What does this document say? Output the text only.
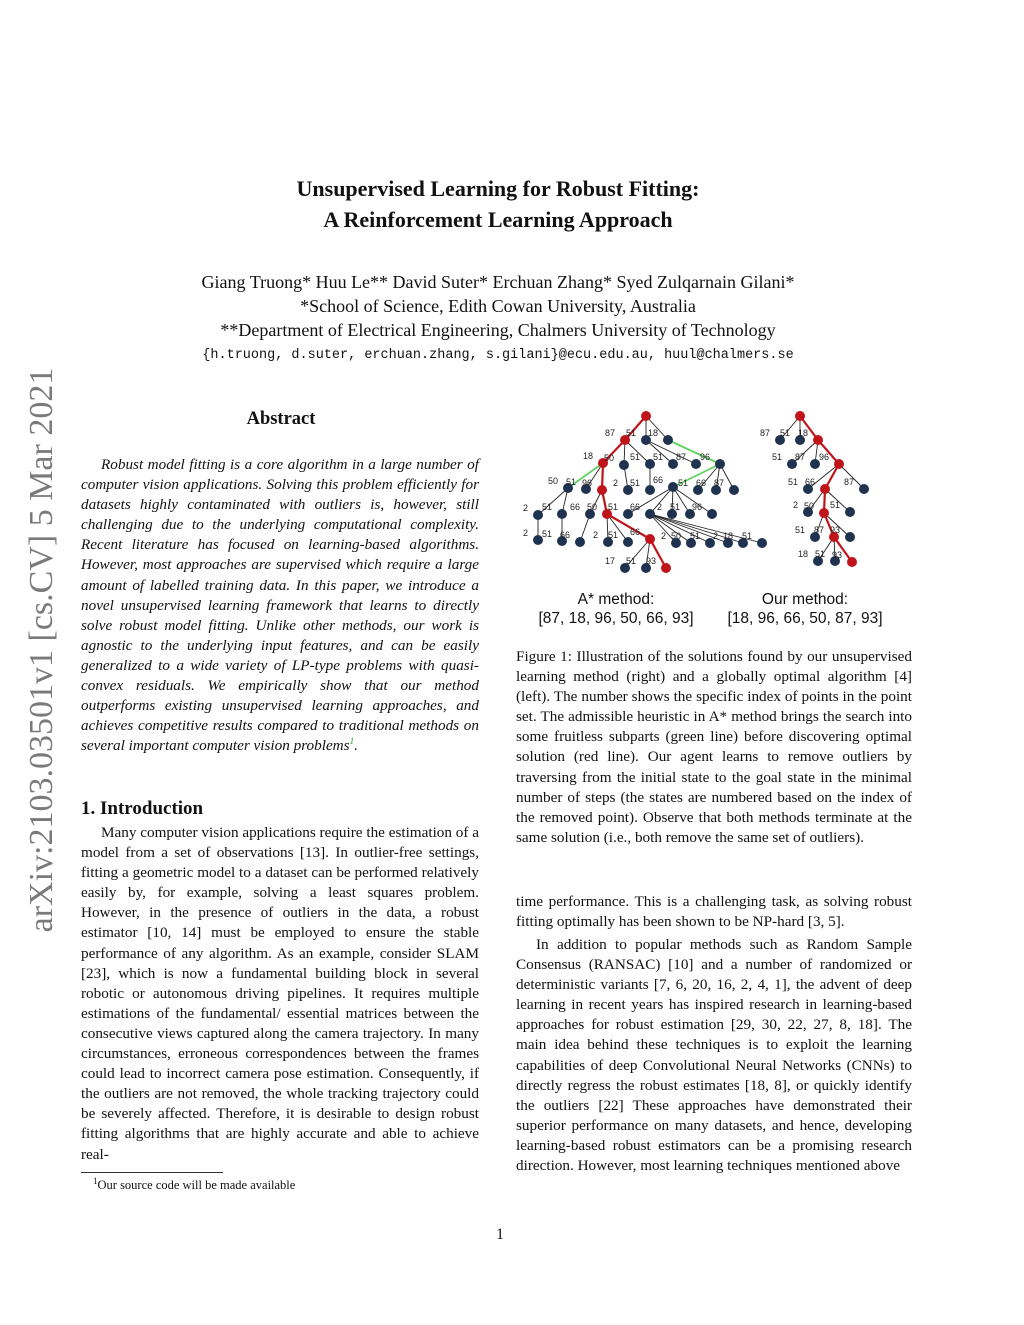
arXiv:2103.03501v1 [cs.CV] 5 Mar 2021
Unsupervised Learning for Robust Fitting:
A Reinforcement Learning Approach
Giang Truong* Huu Le** David Suter* Erchuan Zhang* Syed Zulqarnain Gilani*
*School of Science, Edith Cowan University, Australia
**Department of Electrical Engineering, Chalmers University of Technology
{h.truong, d.suter, erchuan.zhang, s.gilani}@ecu.edu.au, huul@chalmers.se
Abstract

Robust model fitting is a core algorithm in a large number of computer vision applications. Solving this problem efficiently for datasets highly contaminated with outliers is, however, still challenging due to the underlying computational complexity. Recent literature has focused on learning-based algorithms. However, most approaches are supervised which require a large amount of labelled training data. In this paper, we introduce a novel unsupervised learning framework that learns to directly solve robust model fitting. Unlike other methods, our work is agnostic to the underlying input features, and can be easily generalized to a wide variety of LP-type problems with quasi-convex residuals. We empirically show that our method outperforms existing unsupervised learning approaches, and achieves competitive results compared to traditional methods on several important computer vision problems$^1$.

1. Introduction

Many computer vision applications require the estimation of a model from a set of observations [13]. In outlier-free settings, fitting a geometric model to a dataset can be performed relatively easily by, for example, solving a least squares problem. However, in the presence of outliers in the data, a robust estimator [10, 14] must be employed to ensure the stable performance of any algorithm. As an example, consider SLAM [23], which is now a fundamental building block in several robotic or autonomous driving pipelines. It requires multiple estimations of the fundamental/ essential matrices between the consecutive views captured along the camera trajectory. In many circumstances, erroneous correspondences between the frames could lead to incorrect camera pose estimation. Consequently, if the outliers are not removed, the whole tracking trajectory could be severely affected. Therefore, it is desirable to design robust fitting algorithms that are highly accurate and able to achieve real-

$^1$Our source code will be made available
87 51 18
18 50 51 51 87 96
50 51 96 2 51 66 51 66 87
2 51 66 50 51 66 2 51 96
2 51 66	2 51 66 2 50 51 2 18 51
17 51 93
87 51 18
51 87 96
51 66	87
2 50 51
51 87 93
18 51 93
A* method:
[87, 18, 96, 50, 66, 93]
Our method:
[18, 96, 66, 50, 87, 93]

Figure 1: Illustration of the solutions found by our unsupervised learning method (right) and a globally optimal algorithm [4] (left). The number shows the specific index of points in the point set. The admissible heuristic in A* method brings the search into some fruitless subparts (green line) before discovering optimal solution (red line). Our agent learns to remove outliers by traversing from the initial state to the goal state in the minimal number of steps (the states are numbered based on the index of the removed point). Observe that both methods terminate at the same solution (i.e., both remove the same set of outliers).

time performance. This is a challenging task, as solving robust fitting optimally has been shown to be NP-hard [3, 5].

In addition to popular methods such as Random Sample Consensus (RANSAC) [10] and a number of randomized or deterministic variants [7, 6, 20, 16, 2, 4, 1], the advent of deep learning in recent years has inspired research in learning-based approaches for robust estimation [29, 30, 22, 27, 8, 18]. The main idea behind these techniques is to exploit the learning capabilities of deep Convolutional Neural Networks (CNNs) to directly regress the robust estimates [18, 8], or quickly identify the outliers [22] These approaches have demonstrated their superior performance on many datasets, and hence, developing learning-based robust estimators can be a promising research direction. However, most learning techniques mentioned above

1
